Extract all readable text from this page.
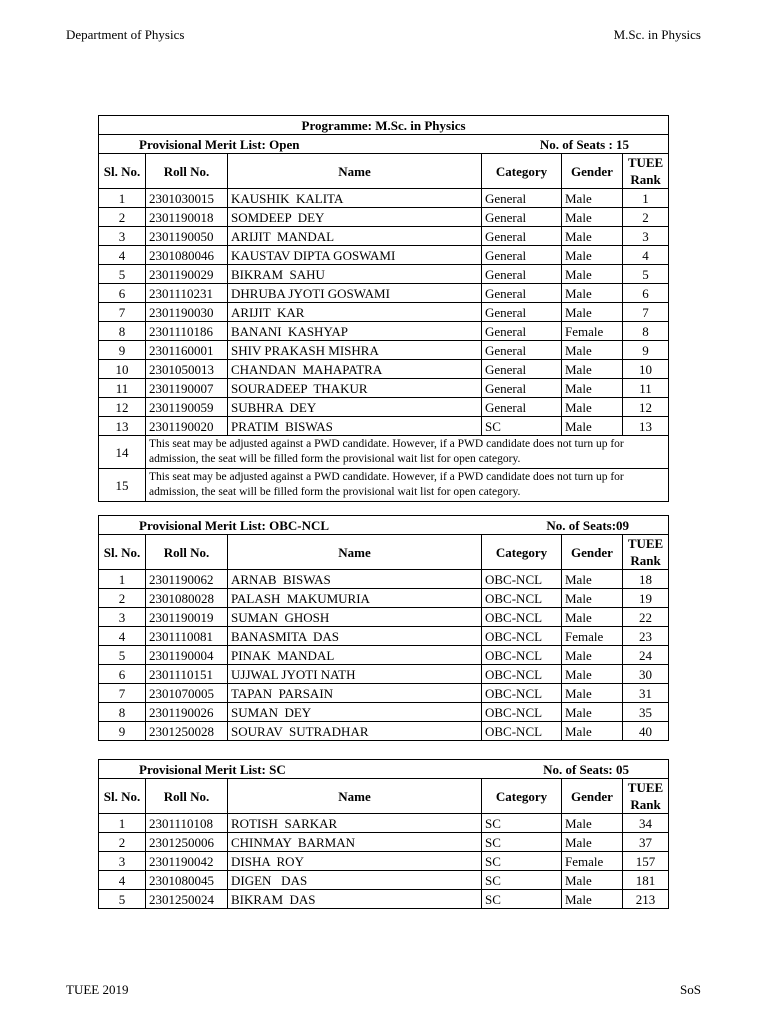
Department of Physics	M.Sc. in Physics
Programme: M.Sc. in Physics					

Provisional Merit List: Open No. of Seats : 15					

Sl. No.	Roll No.	Name	Category	Gender	TUEE Rank
1	2301030015	KAUSHIK  KALITA	General	Male	1
2	2301190018	SOMDEEP  DEY	General	Male	2
3	2301190050	ARIJIT  MANDAL	General	Male	3
4	2301080046	KAUSTAV DIPTA GOSWAMI	General	Male	4
5	2301190029	BIKRAM  SAHU	General	Male	5
6	2301110231	DHRUBA JYOTI GOSWAMI	General	Male	6
7	2301190030	ARIJIT  KAR	General	Male	7
8	2301110186	BANANI  KASHYAP	General	Female	8
9	2301160001	SHIV PRAKASH MISHRA	General	Male	9
10	2301050013	CHANDAN  MAHAPATRA	General	Male	10
11	2301190007	SOURADEEP  THAKUR	General	Male	11
12	2301190059	SUBHRA  DEY	General	Male	12
13	2301190020	PRATIM  BISWAS	SC	Male	13
14	This seat may be adjusted against a PWD candidate. However, if a PWD candidate does not turn up for admission, the seat will be filled form the provisional wait list for open category.				
15	This seat may be adjusted against a PWD candidate. However, if a PWD candidate does not turn up for admission, the seat will be filled form the provisional wait list for open category.				
Provisional Merit List: OBC-NCL No. of Seats:09					

Sl. No.	Roll No.	Name	Category	Gender	TUEE Rank
1	2301190062	ARNAB  BISWAS	OBC-NCL	Male	18
2	2301080028	PALASH  MAKUMURIA	OBC-NCL	Male	19
3	2301190019	SUMAN  GHOSH	OBC-NCL	Male	22
4	2301110081	BANASMITA  DAS	OBC-NCL	Female	23
5	2301190004	PINAK  MANDAL	OBC-NCL	Male	24
6	2301110151	UJJWAL JYOTI NATH	OBC-NCL	Male	30
7	2301070005	TAPAN  PARSAIN	OBC-NCL	Male	31
8	2301190026	SUMAN  DEY	OBC-NCL	Male	35
9	2301250028	SOURAV  SUTRADHAR	OBC-NCL	Male	40
Provisional Merit List: SC No. of Seats: 05					

Sl. No.	Roll No.	Name	Category	Gender	TUEE Rank
1	2301110108	ROTISH  SARKAR	SC	Male	34
2	2301250006	CHINMAY  BARMAN	SC	Male	37
3	2301190042	DISHA  ROY	SC	Female	157
4	2301080045	DIGEN   DAS	SC	Male	181
5	2301250024	BIKRAM  DAS	SC	Male	213
TUEE 2019	SoS
